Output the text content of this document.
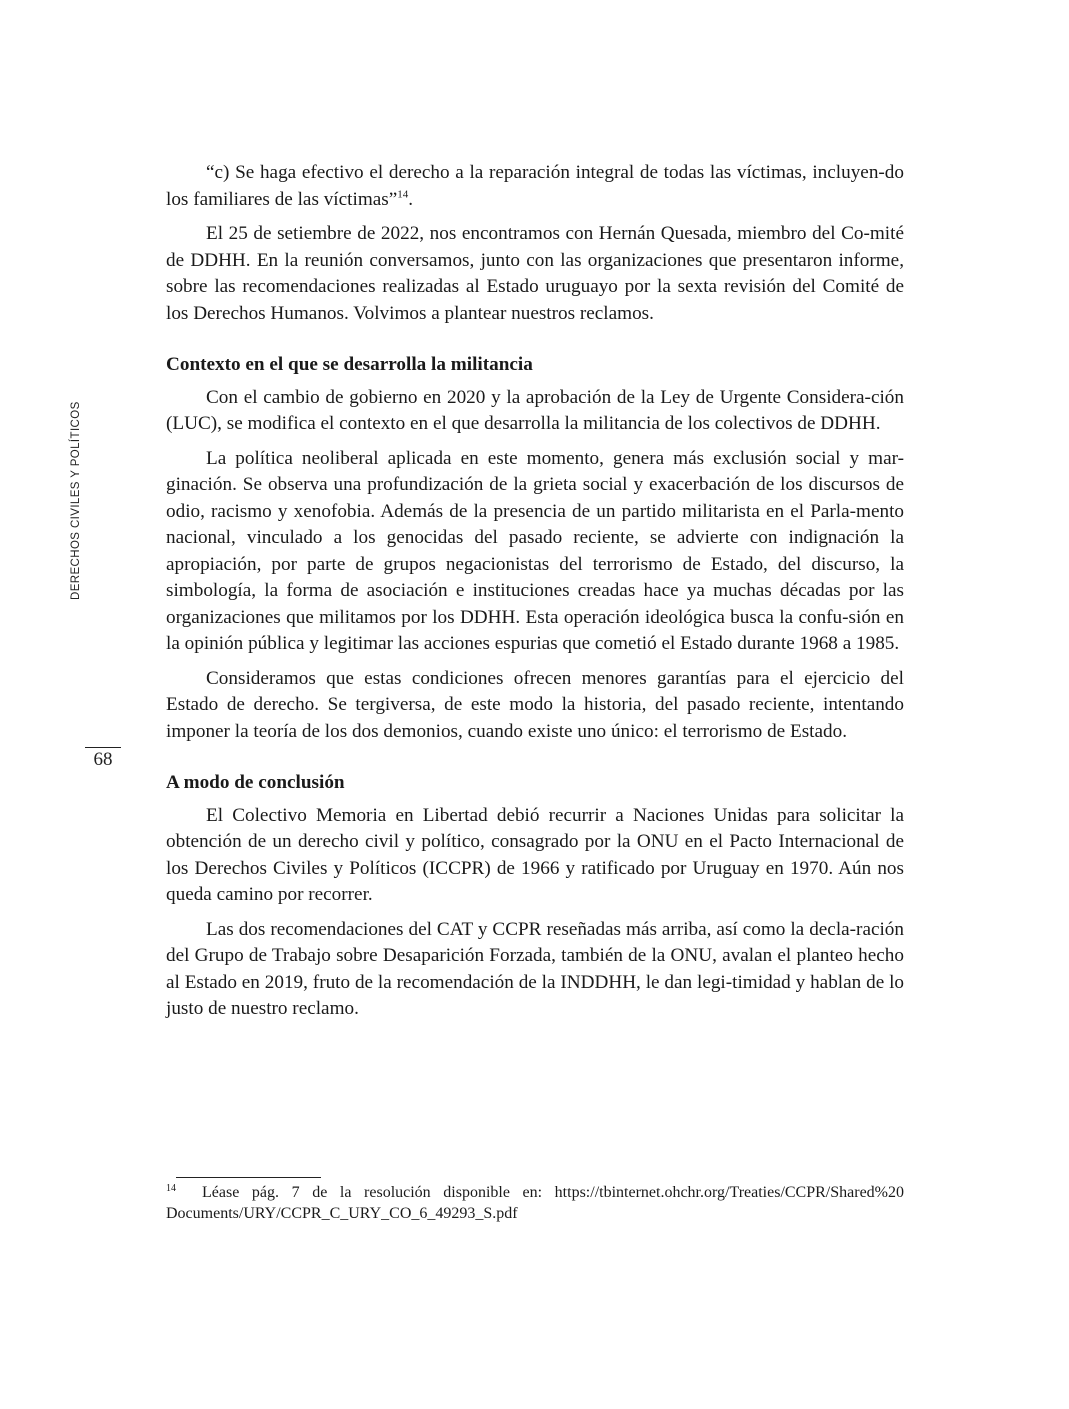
DERECHOS CIVILES Y POLÍTICOS
68

“c) Se haga efectivo el derecho a la reparación integral de todas las víctimas, incluyen-do los familiares de las víctimas”$^{14}$.

El 25 de setiembre de 2022, nos encontramos con Hernán Quesada, miembro del Co-mité de DDHH. En la reunión conversamos, junto con las organizaciones que presentaron informe, sobre las recomendaciones realizadas al Estado uruguayo por la sexta revisión del Comité de los Derechos Humanos. Volvimos a plantear nuestros reclamos.

Contexto en el que se desarrolla la militancia

Con el cambio de gobierno en 2020 y la aprobación de la Ley de Urgente Considera-ción (LUC), se modifica el contexto en el que desarrolla la militancia de los colectivos de DDHH.

La política neoliberal aplicada en este momento, genera más exclusión social y mar-ginación. Se observa una profundización de la grieta social y exacerbación de los discursos de odio, racismo y xenofobia. Además de la presencia de un partido militarista en el Parla-mento nacional, vinculado a los genocidas del pasado reciente, se advierte con indignación la apropiación, por parte de grupos negacionistas del terrorismo de Estado, del discurso, la simbología, la forma de asociación e instituciones creadas hace ya muchas décadas por las organizaciones que militamos por los DDHH. Esta operación ideológica busca la confu-sión en la opinión pública y legitimar las acciones espurias que cometió el Estado durante 1968 a 1985.

Consideramos que estas condiciones ofrecen menores garantías para el ejercicio del Estado de derecho. Se tergiversa, de este modo la historia, del pasado reciente, intentando imponer la teoría de los dos demonios, cuando existe uno único: el terrorismo de Estado.

A modo de conclusión

El Colectivo Memoria en Libertad debió recurrir a Naciones Unidas para solicitar la obtención de un derecho civil y político, consagrado por la ONU en el Pacto Internacional de los Derechos Civiles y Políticos (ICCPR) de 1966 y ratificado por Uruguay en 1970. Aún nos queda camino por recorrer.

Las dos recomendaciones del CAT y CCPR reseñadas más arriba, así como la decla-ración del Grupo de Trabajo sobre Desaparición Forzada, también de la ONU, avalan el planteo hecho al Estado en 2019, fruto de la recomendación de la INDDHH, le dan legi-timidad y hablan de lo justo de nuestro reclamo.

$^{14}$ Léase pág. 7 de la resolución disponible en: https://tbinternet.ohchr.org/Treaties/CCPR/Shared%20 Documents/URY/CCPR_C_URY_CO_6_49293_S.pdf
